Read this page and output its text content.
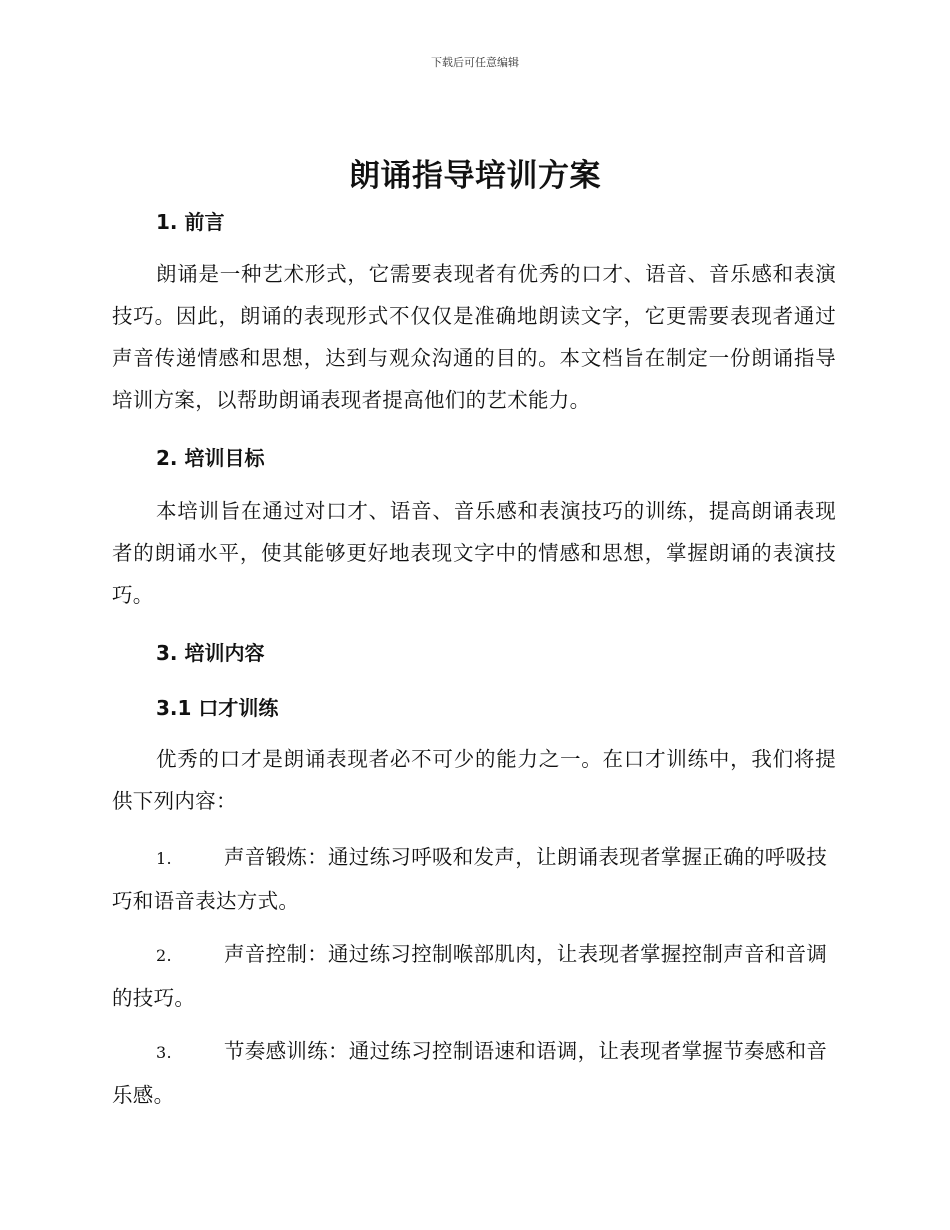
下载后可任意编辑
朗诵指导培训方案
1. 前言
朗诵是一种艺术形式，它需要表现者有优秀的口才、语音、音乐感和表演技巧。因此，朗诵的表现形式不仅仅是准确地朗读文字，它更需要表现者通过声音传递情感和思想，达到与观众沟通的目的。本文档旨在制定一份朗诵指导培训方案，以帮助朗诵表现者提高他们的艺术能力。
2. 培训目标
本培训旨在通过对口才、语音、音乐感和表演技巧的训练，提高朗诵表现者的朗诵水平，使其能够更好地表现文字中的情感和思想，掌握朗诵的表演技巧。
3. 培训内容
3.1 口才训练
优秀的口才是朗诵表现者必不可少的能力之一。在口才训练中，我们将提供下列内容：
1.	声音锻炼：通过练习呼吸和发声，让朗诵表现者掌握正确的呼吸技巧和语音表达方式。
2.	声音控制：通过练习控制喉部肌肉，让表现者掌握控制声音和音调的技巧。
3.	节奏感训练：通过练习控制语速和语调，让表现者掌握节奏感和音乐感。
